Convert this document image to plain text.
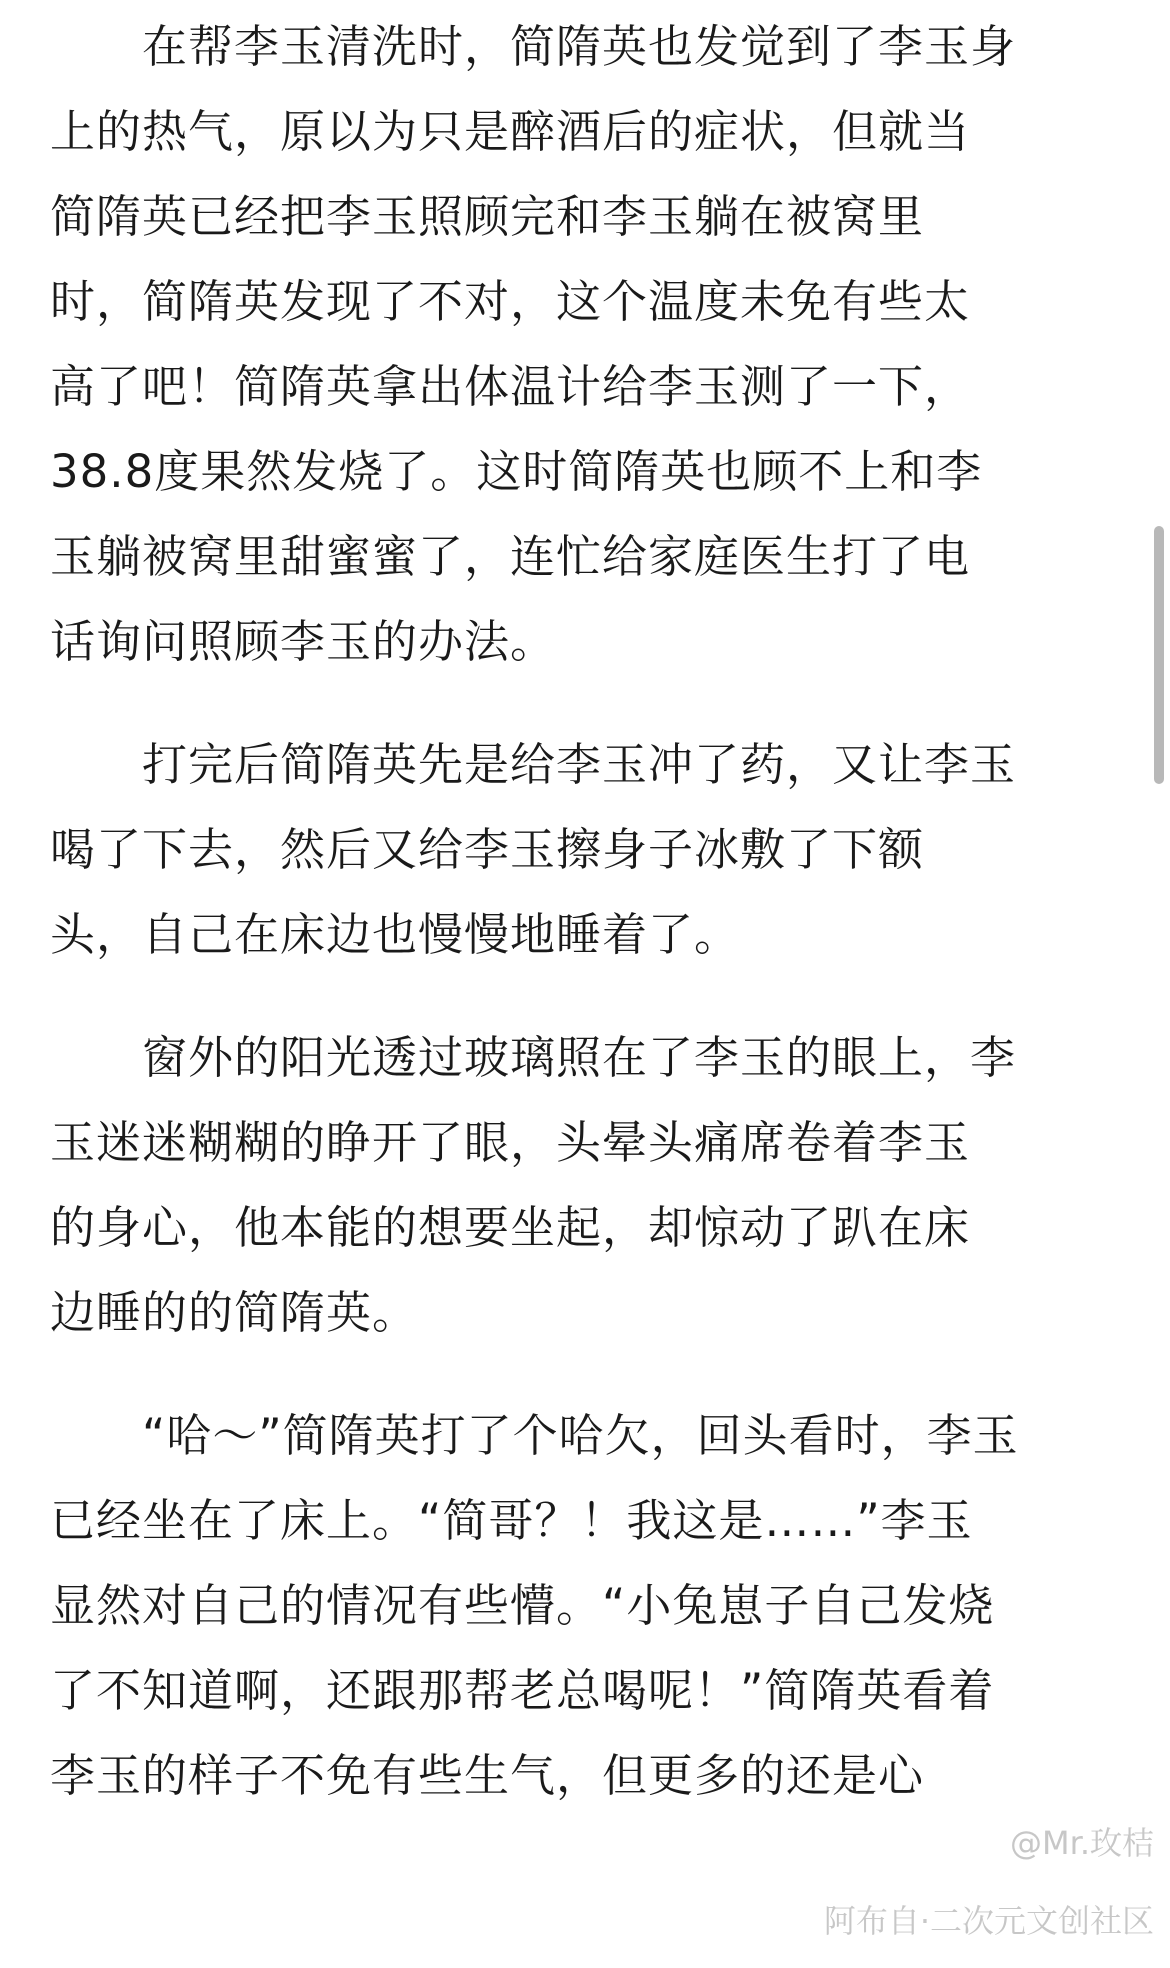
　　在帮李玉清洗时，简隋英也发觉到了李玉身
上的热气，原以为只是醉酒后的症状，但就当
简隋英已经把李玉照顾完和李玉躺在被窝里
时，简隋英发现了不对，这个温度未免有些太
高了吧！简隋英拿出体温计给李玉测了一下，
38.8度果然发烧了。这时简隋英也顾不上和李
玉躺被窝里甜蜜蜜了，连忙给家庭医生打了电
话询问照顾李玉的办法。

　　打完后简隋英先是给李玉冲了药，又让李玉
喝了下去，然后又给李玉擦身子冰敷了下额
头，自己在床边也慢慢地睡着了。

　　窗外的阳光透过玻璃照在了李玉的眼上，李
玉迷迷糊糊的睁开了眼，头晕头痛席卷着李玉
的身心，他本能的想要坐起，却惊动了趴在床
边睡的的简隋英。

　　“哈～”简隋英打了个哈欠，回头看时，李玉
已经坐在了床上。“简哥？！我这是……”李玉
显然对自己的情况有些懵。“小兔崽子自己发烧
了不知道啊，还跟那帮老总喝呢！”简隋英看着
李玉的样子不免有些生气，但更多的还是心

@Mr.玫桔
阿布自·二次元文创社区
